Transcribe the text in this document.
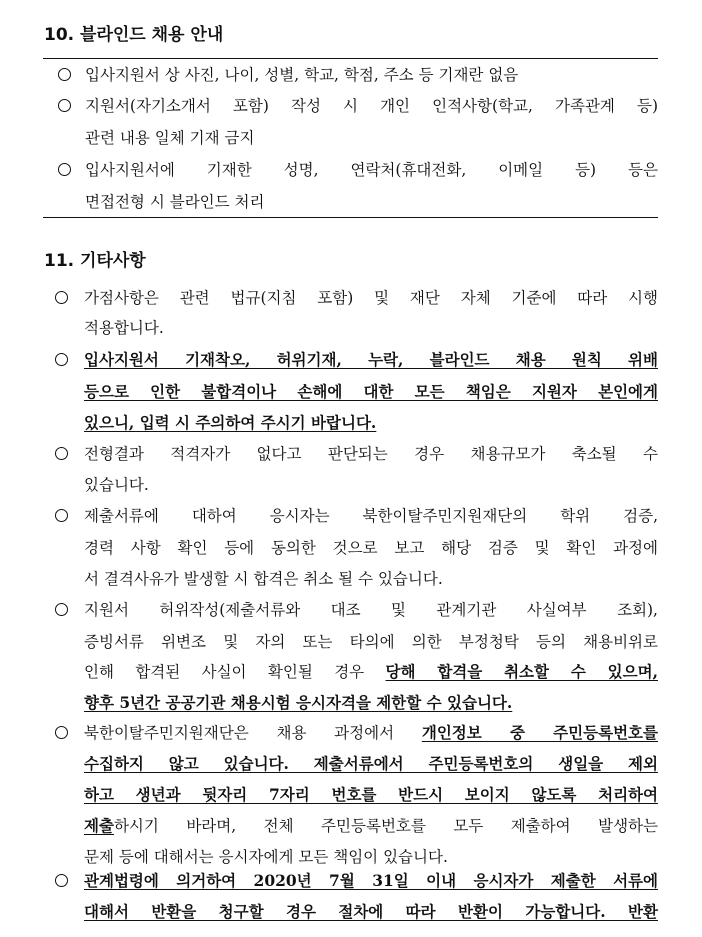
10. 블라인드 채용 안내
입사지원서 상 사진, 나이, 성별, 학교, 학점, 주소 등 기재란 없음
지원서(자기소개서 포함) 작성 시 개인 인적사항(학교, 가족관계 등)
관련 내용 일체 기재 금지
입사지원서에 기재한 성명, 연락처(휴대전화, 이메일 등) 등은
면접전형 시 블라인드 처리
11. 기타사항
가점사항은 관련 법규(지침 포함) 및 재단 자체 기준에 따라 시행
적용합니다.
입사지원서 기재착오, 허위기재, 누락, 블라인드 채용 원칙 위배
등으로 인한 불합격이나 손해에 대한 모든 책임은 지원자 본인에게
있으니, 입력 시 주의하여 주시기 바랍니다.
전형결과 적격자가 없다고 판단되는 경우 채용규모가 축소될 수
있습니다.
제출서류에 대하여 응시자는 북한이탈주민지원재단의 학위 검증,
경력 사항 확인 등에 동의한 것으로 보고 해당 검증 및 확인 과정에
서 결격사유가 발생할 시 합격은 취소 될 수 있습니다.
지원서 허위작성(제출서류와 대조 및 관계기관 사실여부 조회),
증빙서류 위변조 및 자의 또는 타의에 의한 부정청탁 등의 채용비위로
인해 합격된 사실이 확인될 경우 당해 합격을 취소할 수 있으며,
향후 5년간 공공기관 채용시험 응시자격을 제한할 수 있습니다.
북한이탈주민지원재단은 채용 과정에서 개인정보 중 주민등록번호를
수집하지 않고 있습니다. 제출서류에서 주민등록번호의 생일을 제외
하고 생년과 뒷자리 7자리 번호를 반드시 보이지 않도록 처리하여
제출하시기 바라며, 전체 주민등록번호를 모두 제출하여 발생하는
문제 등에 대해서는 응시자에게 모든 책임이 있습니다.
관계법령에 의거하여 2020년 7월 31일 이내 응시자가 제출한 서류에
대해서 반환을 청구할 경우 절차에 따라 반환이 가능합니다. 반환
